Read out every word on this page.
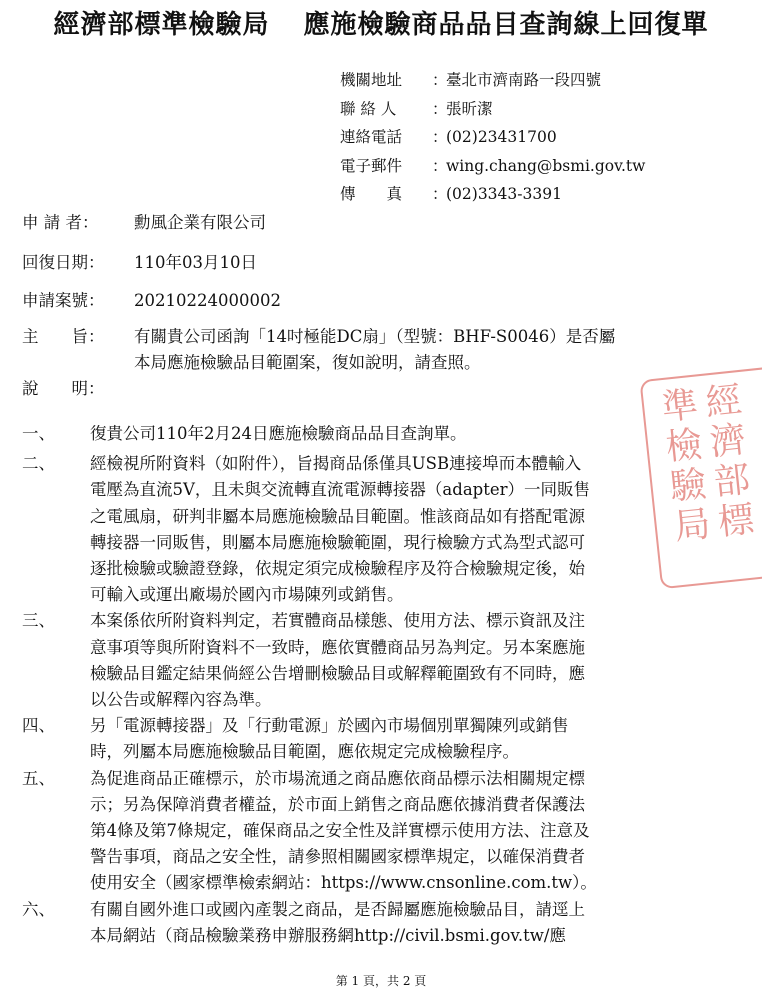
經濟部標準檢驗局 應施檢驗商品品目查詢線上回復單
機關地址 ：臺北市濟南路一段四號
聯 絡 人 ：張昕潔
連絡電話 ：(02)23431700
電子郵件 ：wing.chang@bsmi.gov.tw
傳　　真 ：(02)3343-3391
申 請 者： 勳風企業有限公司
回復日期： 110年03月10日
申請案號： 20210224000002
經濟部標準檢驗局
主　　旨：	有關貴公司函詢「14吋極能DC扇」（型號：BHF-S0046）是否屬
本局應施檢驗品目範圍案，復如說明，請查照。
說　　明：
一、 復貴公司110年2月24日應施檢驗商品品目查詢單。
二、 經檢視所附資料（如附件），旨揭商品係僅具USB連接埠而本體輸入
電壓為直流5V，且未與交流轉直流電源轉接器（adapter）一同販售
之電風扇，研判非屬本局應施檢驗品目範圍。惟該商品如有搭配電源
轉接器一同販售，則屬本局應施檢驗範圍，現行檢驗方式為型式認可
逐批檢驗或驗證登錄，依規定須完成檢驗程序及符合檢驗規定後，始
可輸入或運出廠場於國內市場陳列或銷售。
三、 本案係依所附資料判定，若實體商品樣態、使用方法、標示資訊及注
意事項等與所附資料不一致時，應依實體商品另為判定。另本案應施
檢驗品目鑑定結果倘經公告增刪檢驗品目或解釋範圍致有不同時，應
以公告或解釋內容為準。
四、 另「電源轉接器」及「行動電源」於國內市場個別單獨陳列或銷售
時，列屬本局應施檢驗品目範圍，應依規定完成檢驗程序。
五、 為促進商品正確標示，於市場流通之商品應依商品標示法相關規定標
示；另為保障消費者權益，於市面上銷售之商品應依據消費者保護法
第4條及第7條規定，確保商品之安全性及詳實標示使用方法、注意及
警告事項，商品之安全性，請參照相關國家標準規定，以確保消費者
使用安全（國家標準檢索網站：https://www.cnsonline.com.tw）。
六、 有關自國外進口或國內產製之商品，是否歸屬應施檢驗品目，請逕上
本局網站（商品檢驗業務申辦服務網http://civil.bsmi.gov.tw/應
第 1 頁，共 2 頁
